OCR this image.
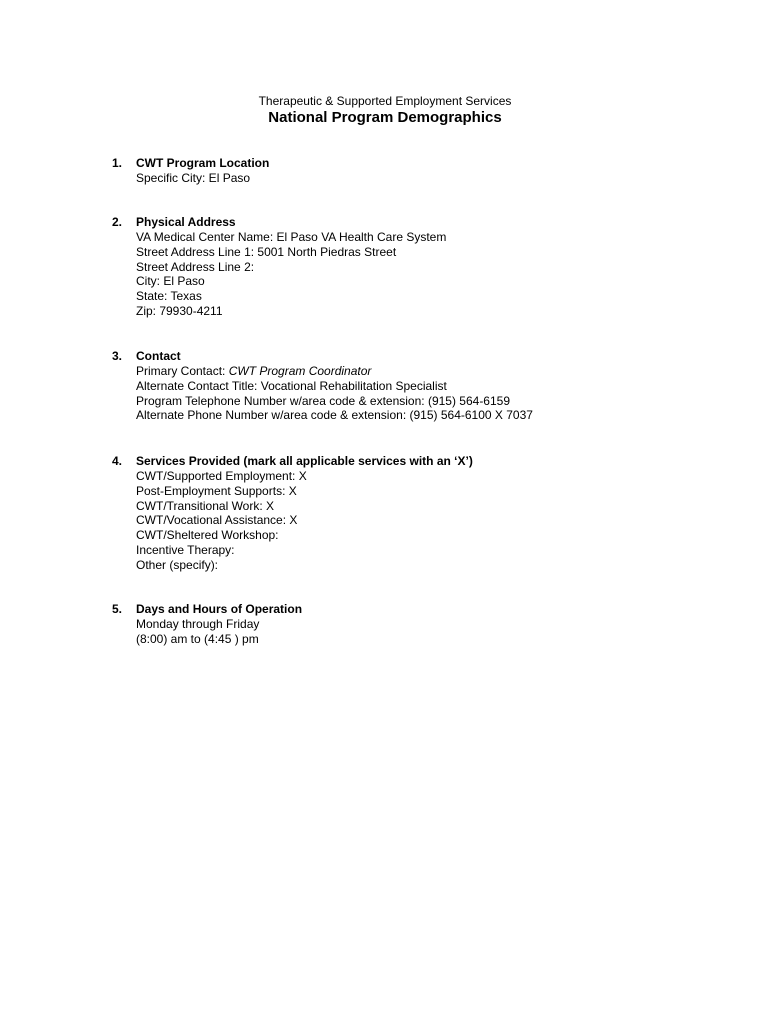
Therapeutic & Supported Employment Services
National Program Demographics
1.	CWT Program Location
Specific City: El Paso
2.	Physical Address
VA Medical Center Name: El Paso VA Health Care System
Street Address Line 1: 5001 North Piedras Street
Street Address Line 2:
City: El Paso
State: Texas
Zip: 79930-4211
3.	Contact
Primary Contact: CWT Program Coordinator
Alternate Contact Title: Vocational Rehabilitation Specialist
Program Telephone Number w/area code & extension: (915) 564-6159
Alternate Phone Number w/area code & extension: (915) 564-6100 X 7037
4.	Services Provided (mark all applicable services with an ‘X’)
CWT/Supported Employment: X
Post-Employment Supports: X
CWT/Transitional Work: X
CWT/Vocational Assistance: X
CWT/Sheltered Workshop:
Incentive Therapy:
Other (specify):
5.	Days and Hours of Operation
Monday through Friday
(8:00) am to (4:45 ) pm
